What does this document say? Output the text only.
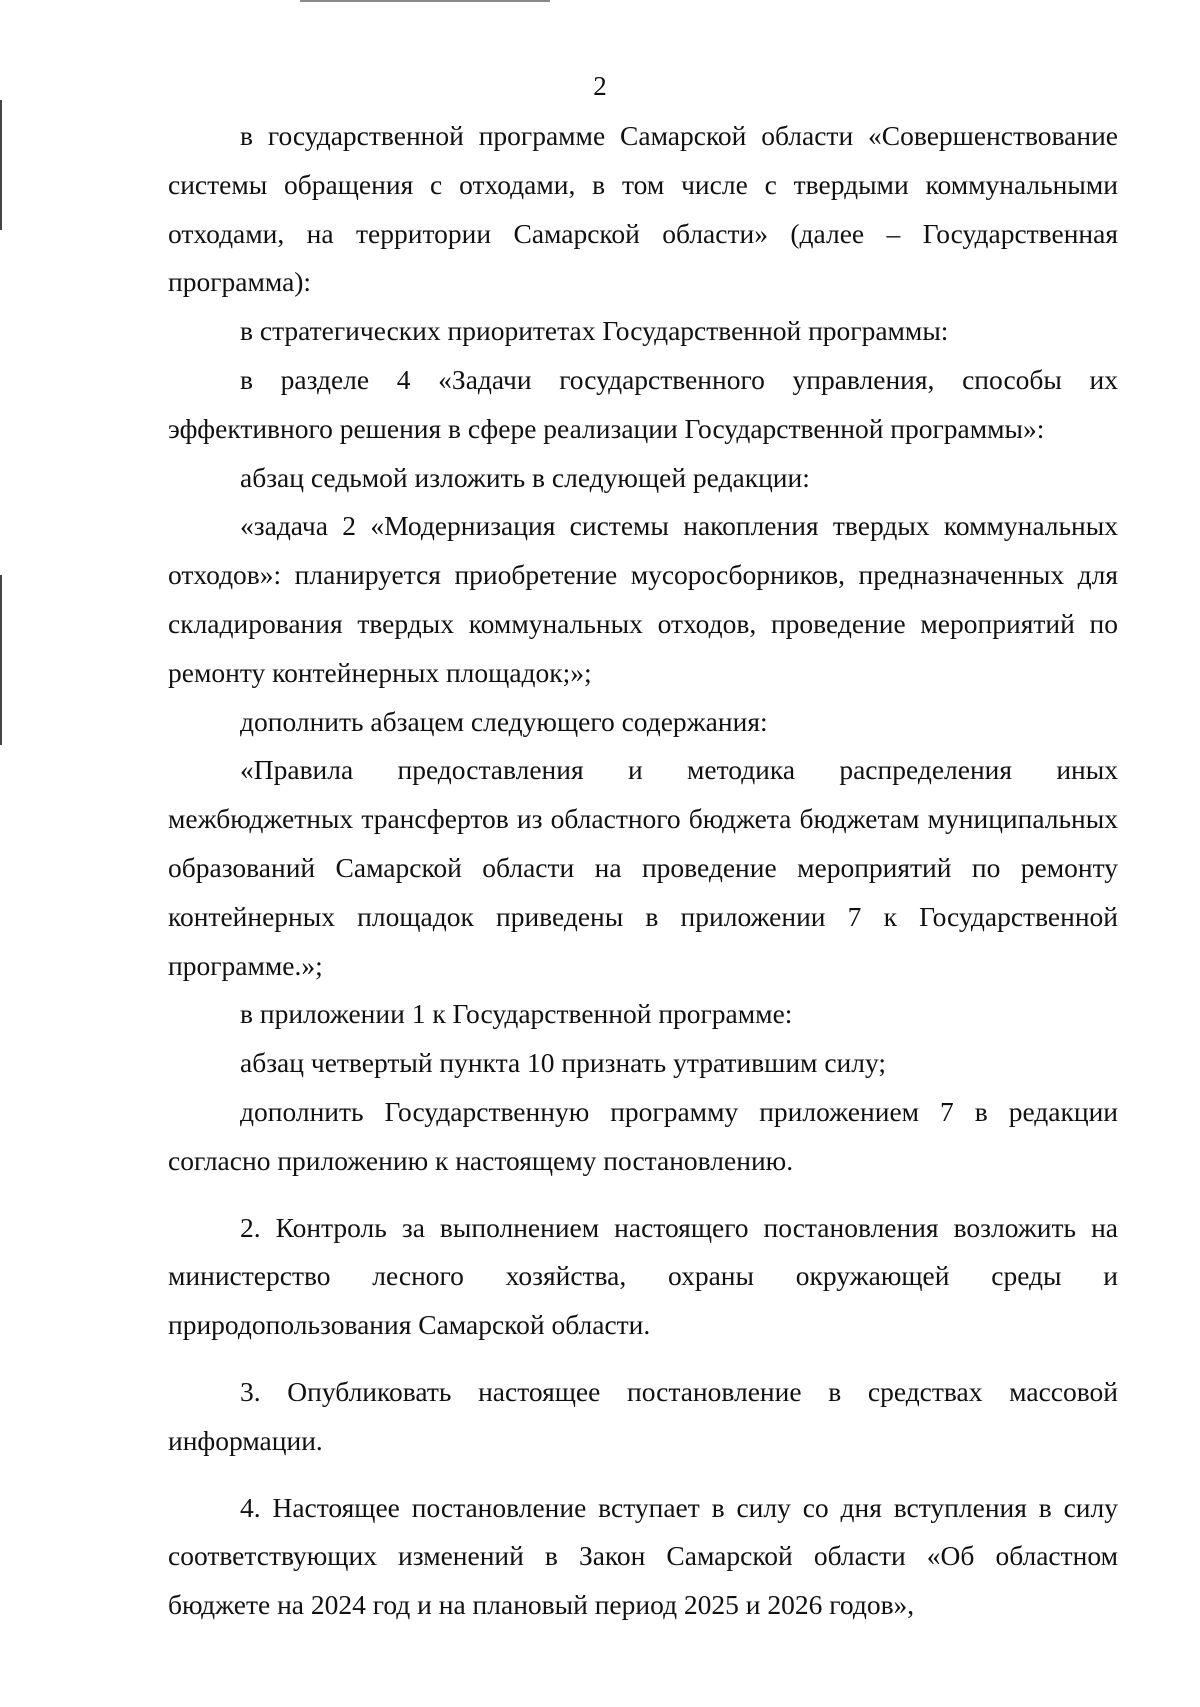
2

в государственной программе Самарской области «Совершенствование системы обращения с отходами, в том числе с твердыми коммунальными отходами, на территории Самарской области» (далее – Государственная программа):

в стратегических приоритетах Государственной программы:

в разделе 4 «Задачи государственного управления, способы их эффективного решения в сфере реализации Государственной программы»:

абзац седьмой изложить в следующей редакции:

«задача 2 «Модернизация системы накопления твердых коммунальных отходов»: планируется приобретение мусоросборников, предназначенных для складирования твердых коммунальных отходов, проведение мероприятий по ремонту контейнерных площадок;»;

дополнить абзацем следующего содержания:

«Правила предоставления и методика распределения иных межбюджетных трансфертов из областного бюджета бюджетам муниципальных образований Самарской области на проведение мероприятий по ремонту контейнерных площадок приведены в приложении 7 к Государственной программе.»;

в приложении 1 к Государственной программе:

абзац четвертый пункта 10 признать утратившим силу;

дополнить Государственную программу приложением 7 в редакции согласно приложению к настоящему постановлению.

2. Контроль за выполнением настоящего постановления возложить на министерство лесного хозяйства, охраны окружающей среды и природопользования Самарской области.

3. Опубликовать настоящее постановление в средствах массовой информации.

4. Настоящее постановление вступает в силу со дня вступления в силу соответствующих изменений в Закон Самарской области «Об областном бюджете на 2024 год и на плановый период 2025 и 2026 годов»,
